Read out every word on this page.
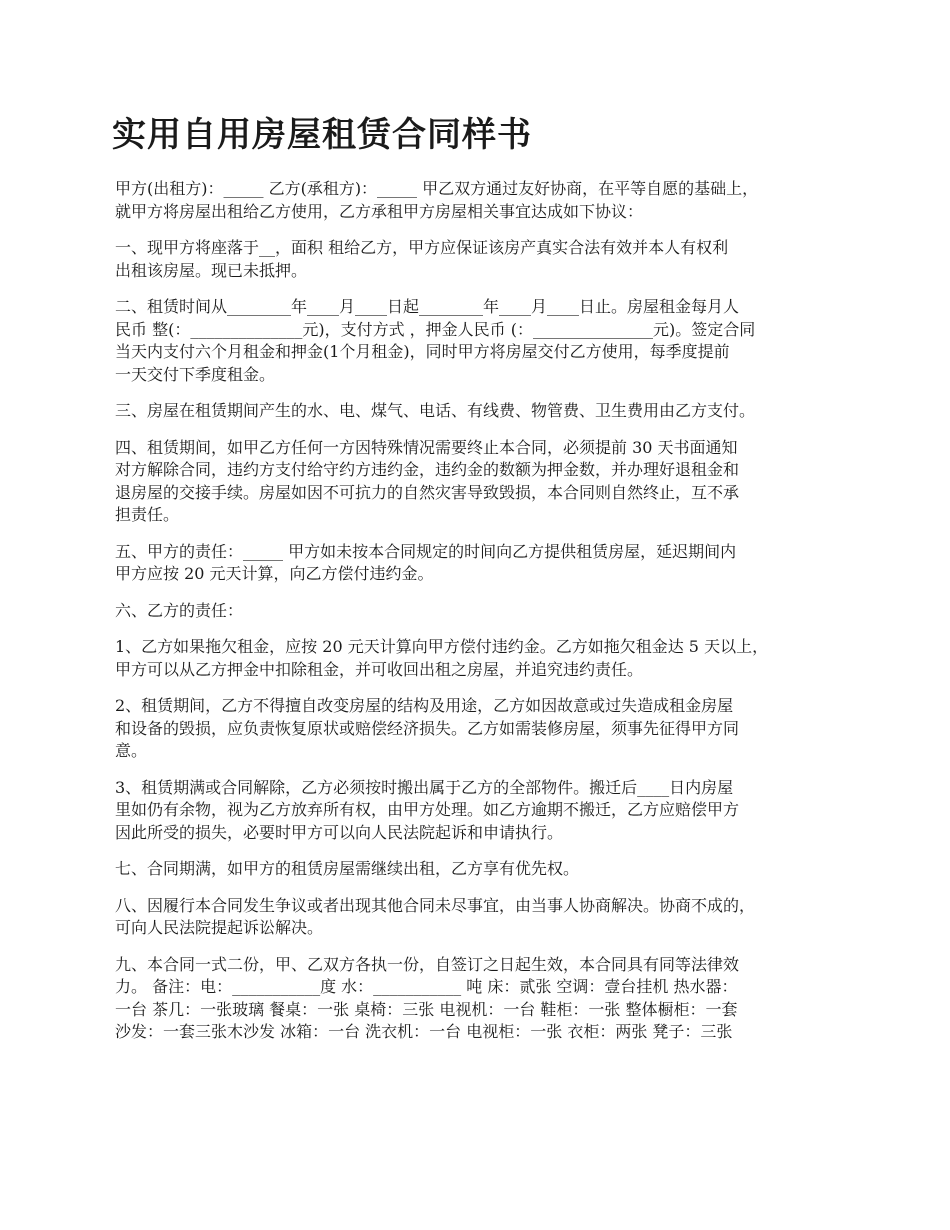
实用自用房屋租赁合同样书
甲方(出租方)：_____ 乙方(承租方)：_____ 甲乙双方通过友好协商，在平等自愿的基础上，
就甲方将房屋出租给乙方使用，乙方承租甲方房屋相关事宜达成如下协议：
一、现甲方将座落于__，面积 租给乙方，甲方应保证该房产真实合法有效并本人有权利
出租该房屋。现已未抵押。
二、租赁时间从________年____月____日起________年____月____日止。房屋租金每月人
民币 整(：______________元)，支付方式 ，押金人民币 (：_______________元)。签定合同
当天内支付六个月租金和押金(1个月租金)，同时甲方将房屋交付乙方使用，每季度提前
一天交付下季度租金。
三、房屋在租赁期间产生的水、电、煤气、电话、有线费、物管费、卫生费用由乙方支付。
四、租赁期间，如甲乙方任何一方因特殊情况需要终止本合同，必须提前 30 天书面通知
对方解除合同，违约方支付给守约方违约金，违约金的数额为押金数，并办理好退租金和
退房屋的交接手续。房屋如因不可抗力的自然灾害导致毁损，本合同则自然终止，互不承
担责任。
五、甲方的责任：_____ 甲方如未按本合同规定的时间向乙方提供租赁房屋，延迟期间内
甲方应按 20 元天计算，向乙方偿付违约金。
六、乙方的责任：
1、乙方如果拖欠租金，应按 20 元天计算向甲方偿付违约金。乙方如拖欠租金达 5 天以上，
甲方可以从乙方押金中扣除租金，并可收回出租之房屋，并追究违约责任。
2、租赁期间，乙方不得擅自改变房屋的结构及用途，乙方如因故意或过失造成租金房屋
和设备的毁损，应负责恢复原状或赔偿经济损失。乙方如需装修房屋，须事先征得甲方同
意。
3、租赁期满或合同解除，乙方必须按时搬出属于乙方的全部物件。搬迁后____日内房屋
里如仍有余物，视为乙方放弃所有权，由甲方处理。如乙方逾期不搬迁，乙方应赔偿甲方
因此所受的损失，必要时甲方可以向人民法院起诉和申请执行。
七、合同期满，如甲方的租赁房屋需继续出租，乙方享有优先权。
八、因履行本合同发生争议或者出现其他合同未尽事宜，由当事人协商解决。协商不成的，
可向人民法院提起诉讼解决。
九、本合同一式二份，甲、乙双方各执一份，自签订之日起生效，本合同具有同等法律效
力。 备注：电：___________度 水：___________ 吨 床：贰张 空调：壹台挂机 热水器：
一台 茶几：一张玻璃 餐桌：一张 桌椅：三张 电视机：一台 鞋柜：一张 整体橱柜：一套
沙发：一套三张木沙发 冰箱：一台 洗衣机：一台 电视柜：一张 衣柜：两张 凳子：三张
